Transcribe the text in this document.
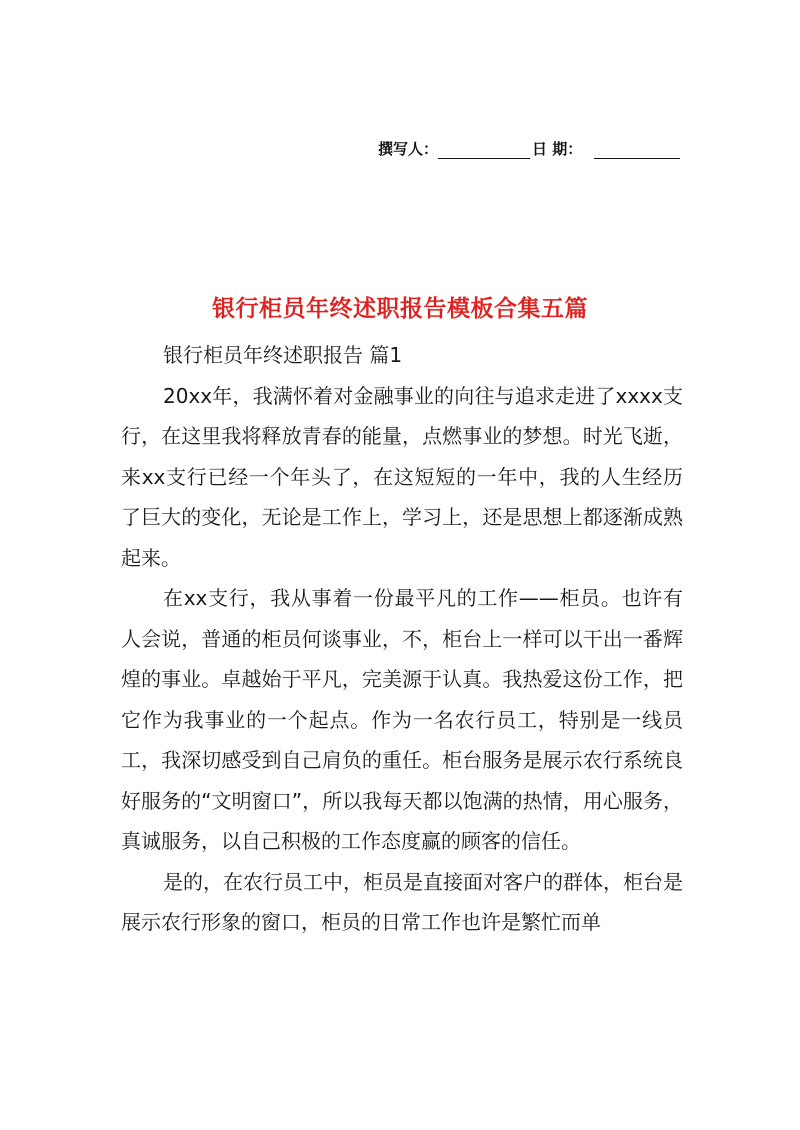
撰写人：	日 期：
银行柜员年终述职报告模板合集五篇

银行柜员年终述职报告 篇1

20xx年，我满怀着对金融事业的向往与追求走进了xxxx支行，在这里我将释放青春的能量，点燃事业的梦想。时光飞逝，来xx支行已经一个年头了，在这短短的一年中，我的人生经历了巨大的变化，无论是工作上，学习上，还是思想上都逐渐成熟起来。

在xx支行，我从事着一份最平凡的工作——柜员。也许有人会说，普通的柜员何谈事业，不，柜台上一样可以干出一番辉煌的事业。卓越始于平凡，完美源于认真。我热爱这份工作，把它作为我事业的一个起点。作为一名农行员工，特别是一线员工，我深切感受到自己肩负的重任。柜台服务是展示农行系统良好服务的“文明窗口”，所以我每天都以饱满的热情，用心服务，真诚服务，以自己积极的工作态度赢的顾客的信任。

是的，在农行员工中，柜员是直接面对客户的群体，柜台是展示农行形象的窗口，柜员的日常工作也许是繁忙而单
